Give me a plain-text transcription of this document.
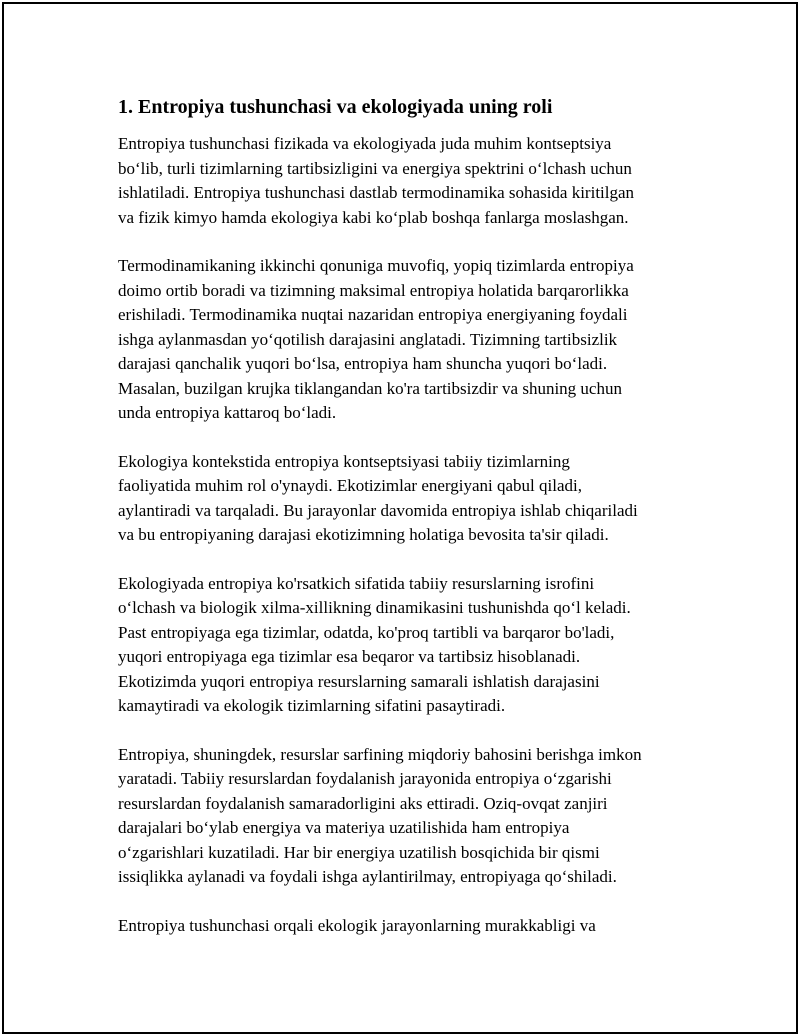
1. Entropiya tushunchasi va ekologiyada uning roli
Entropiya tushunchasi fizikada va ekologiyada juda muhim kontseptsiya
bo‘lib, turli tizimlarning tartibsizligini va energiya spektrini o‘lchash uchun
ishlatiladi. Entropiya tushunchasi dastlab termodinamika sohasida kiritilgan
va fizik kimyo hamda ekologiya kabi ko‘plab boshqa fanlarga moslashgan.
Termodinamikaning ikkinchi qonuniga muvofiq, yopiq tizimlarda entropiya
doimo ortib boradi va tizimning maksimal entropiya holatida barqarorlikka
erishiladi. Termodinamika nuqtai nazaridan entropiya energiyaning foydali
ishga aylanmasdan yo‘qotilish darajasini anglatadi. Tizimning tartibsizlik
darajasi qanchalik yuqori bo‘lsa, entropiya ham shuncha yuqori bo‘ladi.
Masalan, buzilgan krujka tiklangandan ko'ra tartibsizdir va shuning uchun
unda entropiya kattaroq bo‘ladi.
Ekologiya kontekstida entropiya kontseptsiyasi tabiiy tizimlarning
faoliyatida muhim rol o'ynaydi. Ekotizimlar energiyani qabul qiladi,
aylantiradi va tarqaladi. Bu jarayonlar davomida entropiya ishlab chiqariladi
va bu entropiyaning darajasi ekotizimning holatiga bevosita ta'sir qiladi.
Ekologiyada entropiya ko'rsatkich sifatida tabiiy resurslarning isrofini
o‘lchash va biologik xilma-xillikning dinamikasini tushunishda qo‘l keladi.
Past entropiyaga ega tizimlar, odatda, ko'proq tartibli va barqaror bo'ladi,
yuqori entropiyaga ega tizimlar esa beqaror va tartibsiz hisoblanadi.
Ekotizimda yuqori entropiya resurslarning samarali ishlatish darajasini
kamaytiradi va ekologik tizimlarning sifatini pasaytiradi.
Entropiya, shuningdek, resurslar sarfining miqdoriy bahosini berishga imkon
yaratadi. Tabiiy resurslardan foydalanish jarayonida entropiya o‘zgarishi
resurslardan foydalanish samaradorligini aks ettiradi. Oziq-ovqat zanjiri
darajalari bo‘ylab energiya va materiya uzatilishida ham entropiya
o‘zgarishlari kuzatiladi. Har bir energiya uzatilish bosqichida bir qismi
issiqlikka aylanadi va foydali ishga aylantirilmay, entropiyaga qo‘shiladi.
Entropiya tushunchasi orqali ekologik jarayonlarning murakkabligi va
